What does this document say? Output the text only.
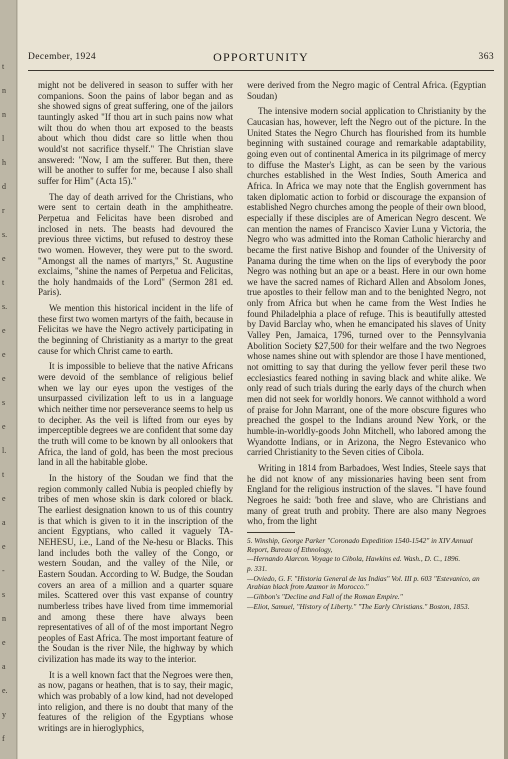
t
n
n
l
h
d
r
s.
e
t
s.
e
e
e
s
e
l.
t
e
a
e
-
s
n
e
a
e.
y
f
December, 1924	OPPORTUNITY	363

might not be delivered in season to suffer with her companions. Soon the pains of labor began and as she showed signs of great suffering, one of the jailors tauntingly asked "If thou art in such pains now what wilt thou do when thou art exposed to the beasts about which thou didst care so little when thou would'st not sacrifice thyself." The Christian slave answered: "Now, I am the sufferer. But then, there will be another to suffer for me, because I also shall suffer for Him" (Acta 15)."

The day of death arrived for the Christians, who were sent to certain death in the amphitheatre. Perpetua and Felicitas have been disrobed and inclosed in nets. The beasts had devoured the previous three victims, but refused to destroy these two women. However, they were put to the sword. "Amongst all the names of martyrs," St. Augustine exclaims, "shine the names of Perpetua and Felicitas, the holy handmaids of the Lord" (Sermon 281 ed. Paris).

We mention this historical incident in the life of these first two women martyrs of the faith, because in Felicitas we have the Negro actively participating in the beginning of Christianity as a martyr to the great cause for which Christ came to earth.

It is impossible to believe that the native Africans were devoid of the semblance of religious belief when we lay our eyes upon the vestiges of the unsurpassed civilization left to us in a language which neither time nor perseverance seems to help us to decipher. As the veil is lifted from our eyes by imperceptible degrees we are confident that some day the truth will come to be known by all onlookers that Africa, the land of gold, has been the most precious land in all the habitable globe.

In the history of the Soudan we find that the region commonly called Nubia is peopled chiefly by tribes of men whose skin is dark colored or black. The earliest designation known to us of this country is that which is given to it in the inscription of the ancient Egyptians, who called it vaguely TA-NEHESU, i.e., Land of the Ne-hesu or Blacks. This land includes both the valley of the Congo, or western Soudan, and the valley of the Nile, or Eastern Soudan. According to W. Budge, the Soudan covers an area of a million and a quarter square miles. Scattered over this vast expanse of country numberless tribes have lived from time immemorial and among these there have always been representatives of all of of the most important Negro peoples of East Africa. The most important feature of the Soudan is the river Nile, the highway by which civilization has made its way to the interior.

It is a well known fact that the Negroes were then, as now, pagans or heathen, that is to say, their magic, which was probably of a low kind, had not developed into religion, and there is no doubt that many of the features of the religion of the Egyptians whose writings are in hieroglyphics,

were derived from the Negro magic of Central Africa. (Egyptian Soudan)

The intensive modern social application to Christianity by the Caucasian has, however, left the Negro out of the picture. In the United States the Negro Church has flourished from its humble beginning with sustained courage and remarkable adaptability, going even out of continental America in its pilgrimage of mercy to diffuse the Master's Light, as can be seen by the various churches established in the West Indies, South America and Africa. In Africa we may note that the English government has taken diplomatic action to forbid or discourage the expansion of established Negro churches among the people of their own blood, especially if these disciples are of American Negro descent. We can mention the names of Francisco Xavier Luna y Victoria, the Negro who was admitted into the Roman Catholic hierarchy and became the first native Bishop and founder of the University of Panama during the time when on the lips of everybody the poor Negro was nothing but an ape or a beast. Here in our own home we have the sacred names of Richard Allen and Absolom Jones, true apostles to their fellow man and to the benighted Negro, not only from Africa but when he came from the West Indies he found Philadelphia a place of refuge. This is beautifully attested by David Barclay who, when he emancipated his slaves of Unity Valley Pen, Jamaica, 1796, turned over to the Pennsylvania Abolition Society $27,500 for their welfare and the two Negroes whose names shine out with splendor are those I have mentioned, not omitting to say that during the yellow fever peril these two ecclesiastics feared nothing in saving black and white alike. We only read of such trials during the early days of the church when men did not seek for worldly honors. We cannot withhold a word of praise for John Marrant, one of the more obscure figures who preached the gospel to the Indians around New York, or the humble-in-worldly-goods John Mitchell, who labored among the Wyandotte Indians, or in Arizona, the Negro Estevanico who carried Christianity to the Seven cities of Cibola.

Writing in 1814 from Barbadoes, West Indies, Steele says that he did not know of any missionaries having been sent from England for the religious instruction of the slaves. "I have found Negroes he said: 'both free and slave, who are Christians and many of great truth and probity. There are also many Negroes who, from the light

5. Winship, George Parker "Coronado Expedition 1540-1542" in XIV Annual Report, Bureau of Ethnology,

—Hernando Alarcon. Voyage to Cibola, Hawkins ed. Wash., D. C., 1896.

p. 331.

—Oviedo, G. F. "Historia General de las Indias" Vol. III p. 603 "Estevanico, an Arabian black from Azamor in Morocco."

—Gibbon's "Decline and Fall of the Roman Empire."

—Eliot, Samuel, "History of Liberty." "The Early Christians." Boston, 1853.
